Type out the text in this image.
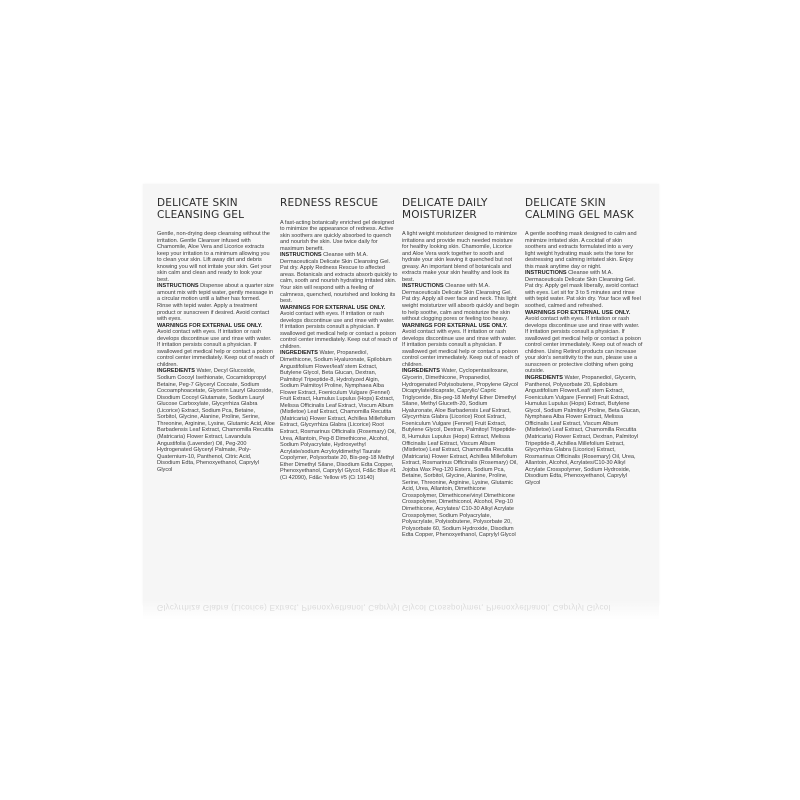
DELICATE SKIN
CLEANSING GEL
Gentle, non-drying deep cleansing without the irritation. Gentle Cleanser infused with Chamomile, Aloe Vera and Licorice extracts keep your irritation to a minimum allowing you to clean your skin. Lift away dirt and debris knowing you will not irritate your skin. Get your skin calm and clean and ready to look your best.
INSTRUCTIONS Dispense about a quarter size amount mix with tepid water, gently message in a circular motion until a lather has formed. Rinse with tepid water. Apply a treatment product or sunscreen if desired. Avoid contact with eyes.
WARNINGS FOR EXTERNAL USE ONLY. Avoid contact with eyes. If irritation or rash develops discontinue use and rinse with water. If irritation persists consult a physician. If swallowed get medical help or contact a poison control center immediately. Keep out of reach of children.
INGREDIENTS Water, Decyl Glucoside, Sodium Cocoyl Isethionate, Cocamidopropyl Betaine, Peg-7 Glyceryl Cocoate, Sodium Cocoamphoacetate, Glycerin Lauryl Glucoside, Disodium Cocoyl Glutamate, Sodium Lauryl Glucose Carboxylate, Glycyrrhiza Glabra (Licorice) Extract, Sodium Pca, Betaine, Sorbitol, Glycine, Alanine, Proline, Serine, Threonine, Arginine, Lysine, Glutamic Acid, Aloe Barbadensis Leaf Extract, Chamomilla Recutita (Matricaria) Flower Extract, Lavandula Angustifolia (Lavender) Oil, Peg-200 Hydrogenated Glyceryl Palmate, Poly- Quaternium-10, Panthenol, Citric Acid, Disodium Edta, Phenoxyethanol, Caprylyl Glycol
REDNESS RESCUE

A fast-acting botanically enriched gel designed to minimize the appearance of redness. Active skin soothers are quickly absorbed to quench and nourish the skin. Use twice daily for maximum benefit.
INSTRUCTIONS Cleanse with M.A. Dermaceuticals Delicate Skin Cleansing Gel. Pat dry. Apply Redness Rescue to affected areas. Botanicals and extracts absorb quickly to calm, sooth and nourish hydrating irritated skin. Your skin will respond with a feeling of calmness, quenched, nourished and looking its best.
WARNINGS FOR EXTERNAL USE ONLY. Avoid contact with eyes. If irritation or rash develops discontinue use and rinse with water. If irritation persists consult a physician. If swallowed get medical help or contact a poison control center immediately. Keep out of reach of children.
INGREDIENTS Water, Propanediol, Dimethicone, Sodium Hyaluronate, Epilobium Angustifolium Flower/leaf/ stem Extract, Butylene Glycol, Beta Glucan, Dextran, Palmitoyl Tripeptide-8, Hydrolyzed Algin, Sodium Palmitoyl Proline, Nymphaea Alba Flower Extract, Foeniculum Vulgare (Fennel) Fruit Extract, Humulus Lupulus (Hops) Extract, Melissa Officinalis Leaf Extract, Viscum Album (Mistletoe) Leaf Extract, Chamomilla Recutita (Matricaria) Flower Extract, Achillea Millefolium Extract, Glycyrrhiza Glabra (Licorice) Root Extract, Rosmarinus Officinalis (Rosemary) Oil, Urea, Allantoin, Peg-8 Dimethicone, Alcohol, Sodium Polyacrylate, Hydroxyethyl Acrylate/sodium Acryloyldimethyl Taurate Copolymer, Polysorbate 20, Bis-peg-18 Methyl Ether Dimethyl Silane, Disodium Edta Copper, Phenoxyethanol, Caprylyl Glycol, Fd&c Blue #1 (Ci 42090), Fd&c Yellow #5 (Ci 19140)
DELICATE DAILY
MOISTURIZER
A light weight moisturizer designed to minimize irritations and provide much needed moisture for healthy looking skin. Chamomile, Licorice and Aloe Vera work together to sooth and hydrate your skin leaving it quenched but not greasy. An important blend of botanicals and extracts make your skin healthy and look its best.
INSTRUCTIONS Cleanse with M.A. Dermaceuticals Delicate Skin Cleansing Gel. Pat dry. Apply all over face and neck. This light weight moisturizer will absorb quickly and begin to help soothe, calm and moisturize the skin without clogging pores or feeling too heavy.
WARNINGS FOR EXTERNAL USE ONLY. Avoid contact with eyes. If irritation or rash develops discontinue use and rinse with water. If irritation persists consult a physician. If swallowed get medical help or contact a poison control center immediately. Keep out of reach of children.
INGREDIENTS Water, Cyclopentasiloxane, Glycerin, Dimethicone, Propanediol, Hydrogenated Polyisobutene, Propylene Glycol Dicaprylate/dicaprate, Caprylic/ Capric Triglyceride, Bis-peg-18 Methyl Ether Dimethyl Silane, Methyl Gluceth-20, Sodium Hyaluronate, Aloe Barbadensis Leaf Extract, Glycyrrhiza Glabra (Licorice) Root Extract, Foeniculum Vulgare (Fennel) Fruit Extract, Butylene Glycol, Dextran, Palmitoyl Tripeptide-8, Humulus Lupulus (Hops) Extract, Melissa Officinalis Leaf Extract, Viscum Album (Mistletoe) Leaf Extract, Chamomilla Recutita (Matricaria) Flower Extract, Achillea Millefolium Extract, Rosmarinus Officinalis (Rosemary) Oil, Jojoba Wax Peg-120 Esters, Sodium Pca, Betaine, Sorbitol, Glycine, Alanine, Proline, Serine, Threonine, Arginine, Lysine, Glutamic Acid, Urea, Allantoin, Dimethicone Crosspolymer, Dimethicone/vinyl Dimethicone Crosspolymer, Dimethiconol, Alcohol, Peg-10 Dimethicone, Acrylates/ C10-30 Alkyl Acrylate Crosspolymer, Sodium Polyacrylate, Polyacrylate, Polyisobutene, Polysorbate 20, Polysorbate 60, Sodium Hydroxide, Disodium Edta Copper, Phenoxyethanol, Caprylyl Glycol
DELICATE SKIN
CALMING GEL MASK
A gentle soothing mask designed to calm and minimize irritated skin. A cocktail of skin soothers and extracts formulated into a very light weight hydrating mask sets the tone for destressing and calming irritated skin. Enjoy this mask anytime day or night.
INSTRUCTIONS Cleanse with M.A. Dermaceuticals Delicate Skin Cleansing Gel. Pat dry. Apply gel mask liberally, avoid contact with eyes. Let sit for 3 to 5 minutes and rinse with tepid water. Pat skin dry. Your face will feel soothed, calmed and refreshed.
WARNINGS FOR EXTERNAL USE ONLY. Avoid contact with eyes. If irritation or rash develops discontinue use and rinse with water. If irritation persists consult a physician. If swallowed get medical help or contact a poison control center immediately. Keep out of reach of children. Using Retinol products can increase your skin's sensitivity to the sun, please use a sunscreen or protective clothing when going outside.
INGREDIENTS Water, Propanediol, Glycerin, Panthenol, Polysorbate 20, Epilobium Angustifolium Flower/Leaf/ stem Extract, Foeniculum Vulgare (Fennel) Fruit Extract, Humulus Lupulus (Hops) Extract, Butylene Glycol, Sodium Palmitoyl Proline, Beta Glucan, Nymphaea Alba Flower Extract, Melissa Officinalis Leaf Extract, Viscum Album (Mistletoe) Leaf Extract, Chamomilla Recutita (Matricaria) Flower Extract, Dextran, Palmitoyl Tripeptide-8, Achillea Millefolium Extract, Glycyrrhiza Glabra (Licorice) Extract, Rosmarinus Officinalis (Rosemary) Oil, Urea, Allantoin, Alcohol, Acrylates/C10-30 Alkyl Acrylate Crosspolymer, Sodium Hydroxide, Disodium Edta, Phenoxyethanol, Caprylyl Glycol
Glycyrrhiza Glabra (Licorice) Extract, Phenoxyethanol, Caprylyl Glycol Crosspolymer, Phenoxyethanol, Caprylyl Glycol
